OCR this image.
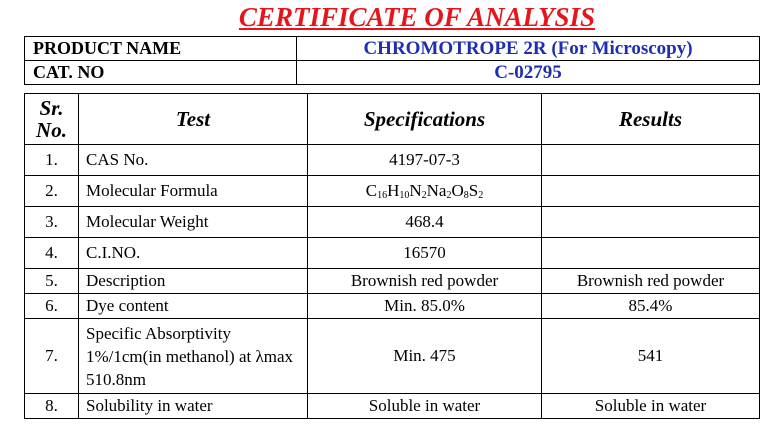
CERTIFICATE OF ANALYSIS
PRODUCT NAME	CHROMOTROPE 2R (For Microscopy)
CAT. NO	C-02795
Sr.
No.	Test	Specifications	Results
1.	CAS No.	4197-07-3	
2.	Molecular Formula	$C_{16}H_{10}N_2Na_2O_8S_2$	
3.	Molecular Weight	468.4	
4.	C.I.NO.	16570	
5.	Description	Brownish red powder	Brownish red powder
6.	Dye content	Min. 85.0%	85.4%
7.	Specific Absorptivity 1%/1cm(in methanol) at λmax 510.8nm	Min. 475	541
8.	Solubility in water	Soluble in water	Soluble in water
